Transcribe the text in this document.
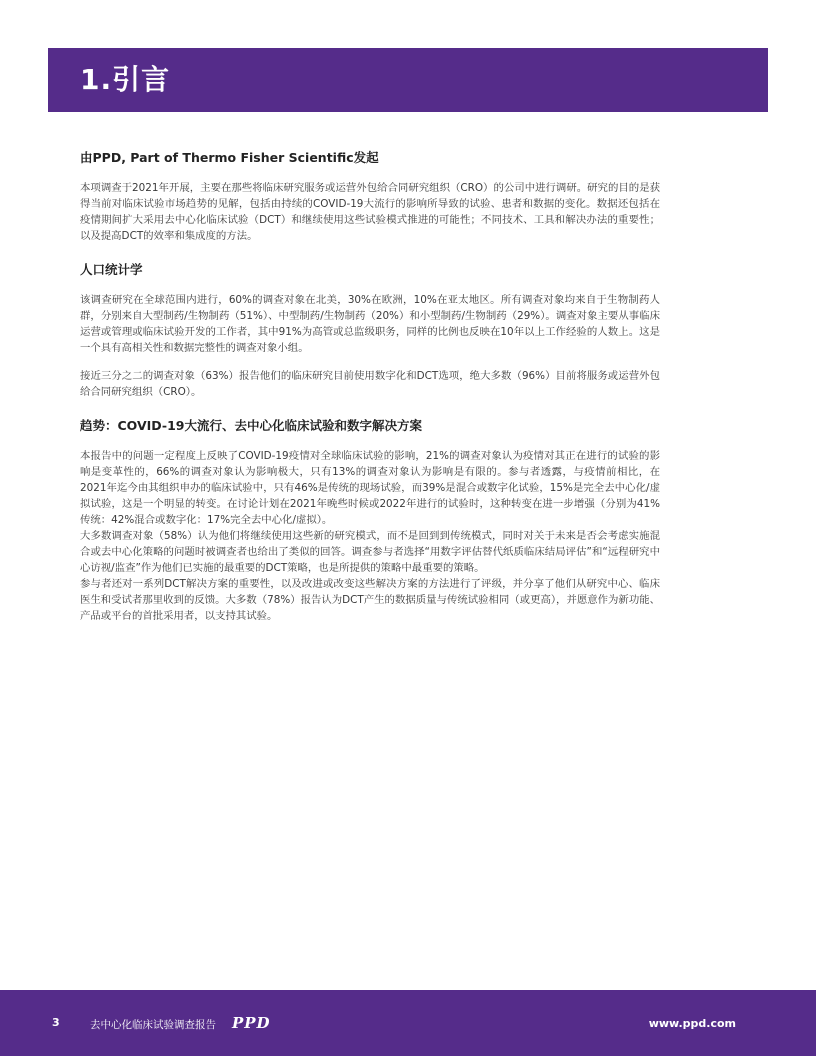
1.引言

由PPD, Part of Thermo Fisher Scientific发起

本项调查于2021年开展，主要在那些将临床研究服务或运营外包给合同研究组织（CRO）的公司中进行调研。研究的目的是获得当前对临床试验市场趋势的见解，包括由持续的COVID-19大流行的影响所导致的试验、患者和数据的变化。数据还包括在疫情期间扩大采用去中心化临床试验（DCT）和继续使用这些试验模式推进的可能性；不同技术、工具和解决办法的重要性；以及提高DCT的效率和集成度的方法。

人口统计学

该调查研究在全球范围内进行，60%的调查对象在北美，30%在欧洲，10%在亚太地区。所有调查对象均来自于生物制药人群，分别来自大型制药/生物制药（51%）、中型制药/生物制药（20%）和小型制药/生物制药（29%）。调查对象主要从事临床运营或管理或临床试验开发的工作者，其中91%为高管或总监级职务，同样的比例也反映在10年以上工作经验的人数上。这是一个具有高相关性和数据完整性的调查对象小组。

接近三分之二的调查对象（63%）报告他们的临床研究目前使用数字化和DCT选项，绝大多数（96%）目前将服务或运营外包给合同研究组织（CRO）。

趋势：COVID-19大流行、去中心化临床试验和数字解决方案

本报告中的问题一定程度上反映了COVID-19疫情对全球临床试验的影响，21%的调查对象认为疫情对其正在进行的试验的影响是变革性的，66%的调查对象认为影响极大，只有13%的调查对象认为影响是有限的。参与者透露，与疫情前相比，在2021年迄今由其组织申办的临床试验中，只有46%是传统的现场试验，而39%是混合或数字化试验，15%是完全去中心化/虚拟试验，这是一个明显的转变。在讨论计划在2021年晚些时候或2022年进行的试验时，这种转变在进一步增强（分别为41%传统：42%混合或数字化：17%完全去中心化/虚拟）。

大多数调查对象（58%）认为他们将继续使用这些新的研究模式，而不是回到到传统模式，同时对关于未来是否会考虑实施混合或去中心化策略的问题时被调查者也给出了类似的回答。调查参与者选择“用数字评估替代纸质临床结局评估”和“远程研究中心访视/监查”作为他们已实施的最重要的DCT策略，也是所提供的策略中最重要的策略。

参与者还对一系列DCT解决方案的重要性，以及改进或改变这些解决方案的方法进行了评级，并分享了他们从研究中心、临床医生和受试者那里收到的反馈。大多数（78%）报告认为DCT产生的数据质量与传统试验相同（或更高），并愿意作为新功能、产品或平台的首批采用者，以支持其试验。

3	去中心化临床试验调查报告 PPD	www.ppd.com
